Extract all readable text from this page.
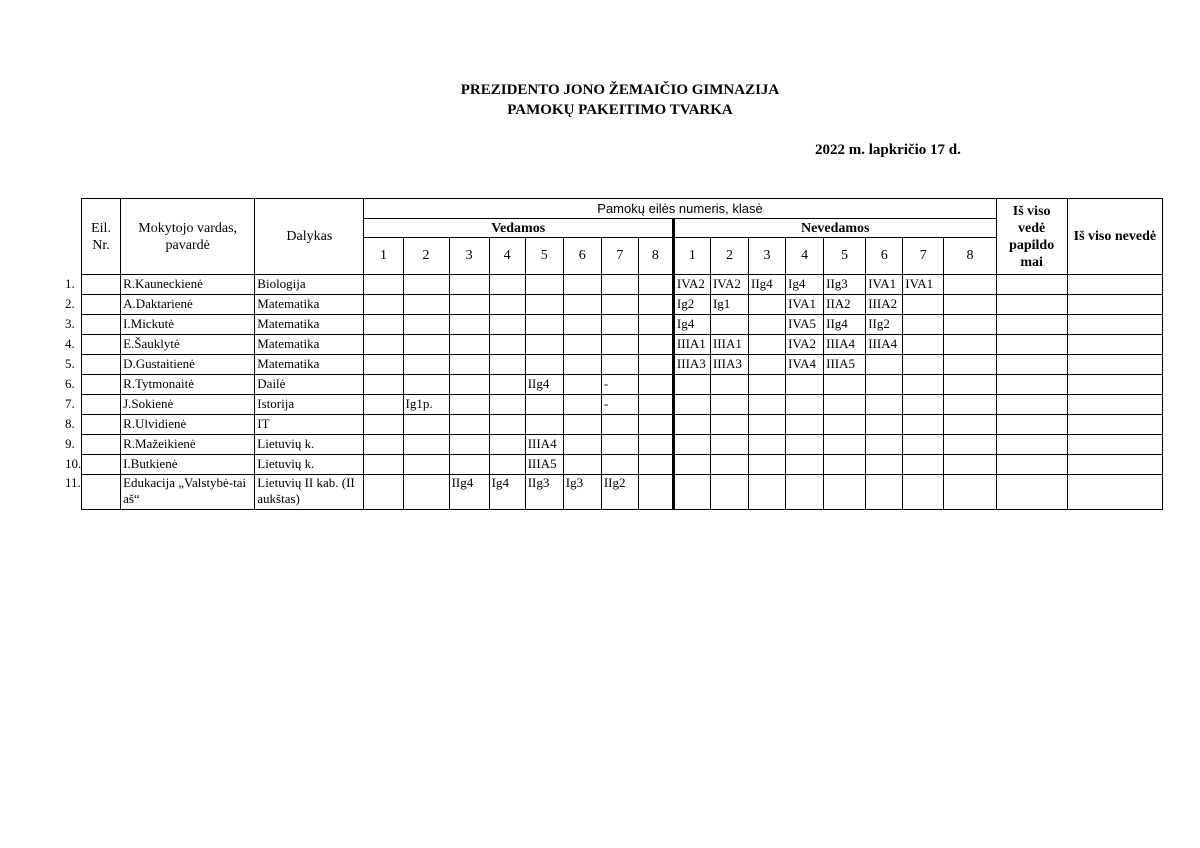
PREZIDENTO JONO ŽEMAIČIO GIMNAZIJA
PAMOKŲ PAKEITIMO TVARKA
2022 m. lapkričio 17 d.
Eil. Nr.	Mokytojo vardas, pavardė	Dalykas	Pamokų eilės numeris, klasė																Iš viso vedė papildo mai	Iš viso nevedė
			Vedamos								Nevedamos									
			1	2	3	4	5	6	7	8	1	2	3	4	5	6	7	8		

1.	R.Kauneckienė	Biologija									IVA2	IVA2	IIg4	Ig4	IIg3	IVA1	IVA1			

2.	A.Daktarienė	Matematika									Ig2	Ig1		IVA1	IIA2	IIIA2				

3.	I.Mickutė	Matematika									Ig4			IVA5	IIg4	IIg2				

4.	E.Šauklytė	Matematika									IIIA1	IIIA1		IVA2	IIIA4	IIIA4				

5.	D.Gustaitienė	Matematika									IIIA3	IIIA3		IVA4	IIIA5					

6.	R.Tytmonaitė	Dailė					IIg4		-											

7.	J.Sokienė	Istorija		Ig1p.					-											

8.	R.Ulvidienė	IT																		

9.	R.Mažeikienė	Lietuvių k.					IIIA4													

10.	I.Butkienė	Lietuvių k.					IIIA5													

11.	Edukacija „Valstybė-tai aš“	Lietuvių II kab. (II aukštas)			IIg4	Ig4	IIg3	Ig3	IIg2											
